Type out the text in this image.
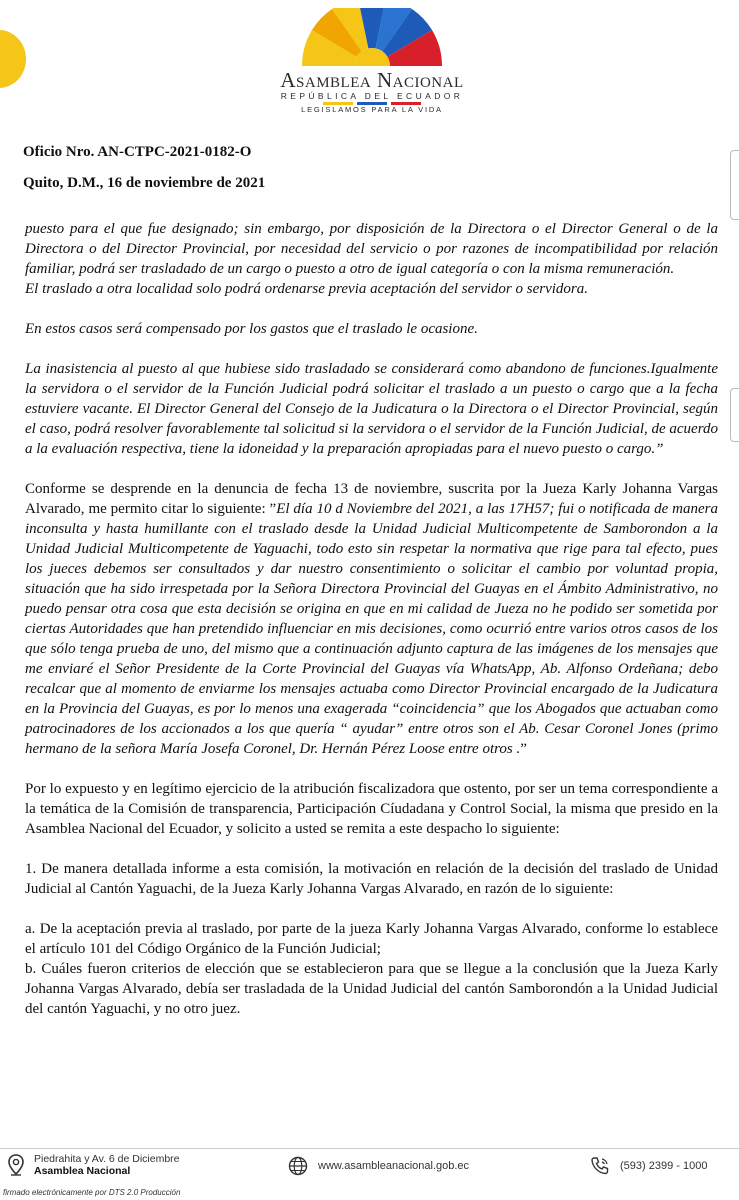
Asamblea Nacional
REPÚBLICA DEL ECUADOR
LEGISLAMOS PARA LA VIDA
Oficio Nro. AN-CTPC-2021-0182-O
Quito, D.M., 16 de noviembre de 2021

puesto para el que fue designado; sin embargo, por disposición de la Directora o el Director General o de la Directora o del Director Provincial, por necesidad del servicio o por razones de incompatibilidad por relación familiar, podrá ser trasladado de un cargo o puesto a otro de igual categoría o con la misma remuneración.

El traslado a otra localidad solo podrá ordenarse previa aceptación del servidor o servidora.

En estos casos será compensado por los gastos que el traslado le ocasione.

La inasistencia al puesto al que hubiese sido trasladado se considerará como abandono de funciones.Igualmente la servidora o el servidor de la Función Judicial podrá solicitar el traslado a un puesto o cargo que a la fecha estuviere vacante. El Director General del Consejo de la Judicatura o la Directora o el Director Provincial, según el caso, podrá resolver favorablemente tal solicitud si la servidora o el servidor de la Función Judicial, de acuerdo a la evaluación respectiva, tiene la idoneidad y la preparación apropiadas para el nuevo puesto o cargo.”

Conforme se desprende en la denuncia de fecha 13 de noviembre, suscrita por la Jueza Karly Johanna Vargas Alvarado, me permito citar lo siguiente: ”El día 10 d Noviembre del 2021, a las 17H57; fui o notificada de manera inconsulta y hasta humillante con el traslado desde la Unidad Judicial Multicompetente de Samborondon a la Unidad Judicial Multicompetente de Yaguachi, todo esto sin respetar la normativa que rige para tal efecto, pues los jueces debemos ser consultados y dar nuestro consentimiento o solicitar el cambio por voluntad propia, situación que ha sido irrespetada por la Señora Directora Provincial del Guayas en el Ámbito Administrativo, no puedo pensar otra cosa que esta decisión se origina en que en mi calidad de Jueza no he podido ser sometida por ciertas Autoridades que han pretendido influenciar en mis decisiones, como ocurrió entre varios otros casos de los que sólo tenga prueba de uno, del mismo que a continuación adjunto captura de las imágenes de los mensajes que me enviaré el Señor Presidente de la Corte Provincial del Guayas vía WhatsApp, Ab. Alfonso Ordeñana; debo recalcar que al momento de enviarme los mensajes actuaba como Director Provincial encargado de la Judicatura en la Provincia del Guayas, es por lo menos una exagerada “coincidencia” que los Abogados que actuaban como patrocinadores de los accionados a los que quería “ ayudar” entre otros son el Ab. Cesar Coronel Jones (primo hermano de la señora María Josefa Coronel, Dr. Hernán Pérez Loose entre otros .”

Por lo expuesto y en legítimo ejercicio de la atribución fiscalizadora que ostento, por ser un tema correspondiente a la temática de la Comisión de transparencia, Participación Cíudadana y Control Social, la misma que presido en la Asamblea Nacional del Ecuador, y solicito a usted se remita a este despacho lo siguiente:

1. De manera detallada informe a esta comisión, la motivación en relación de la decisión del traslado de Unidad Judicial al Cantón Yaguachi, de la Jueza Karly Johanna Vargas Alvarado, en razón de lo siguiente:

a. De la aceptación previa al traslado, por parte de la jueza Karly Johanna Vargas Alvarado, conforme lo establece el artículo 101 del Código Orgánico de la Función Judicial;

b. Cuáles fueron criterios de elección que se establecieron para que se llegue a la conclusión que la Jueza Karly Johanna Vargas Alvarado, debía ser trasladada de la Unidad Judicial del cantón Samborondón a la Unidad Judicial del cantón Yaguachi, y no otro juez.

Piedrahita y Av. 6 de Diciembre
Asamblea Nacional	www.asambleanacional.gob.ec	(593) 2399 - 1000
firmado electrónicamente por DTS 2.0 Producción
